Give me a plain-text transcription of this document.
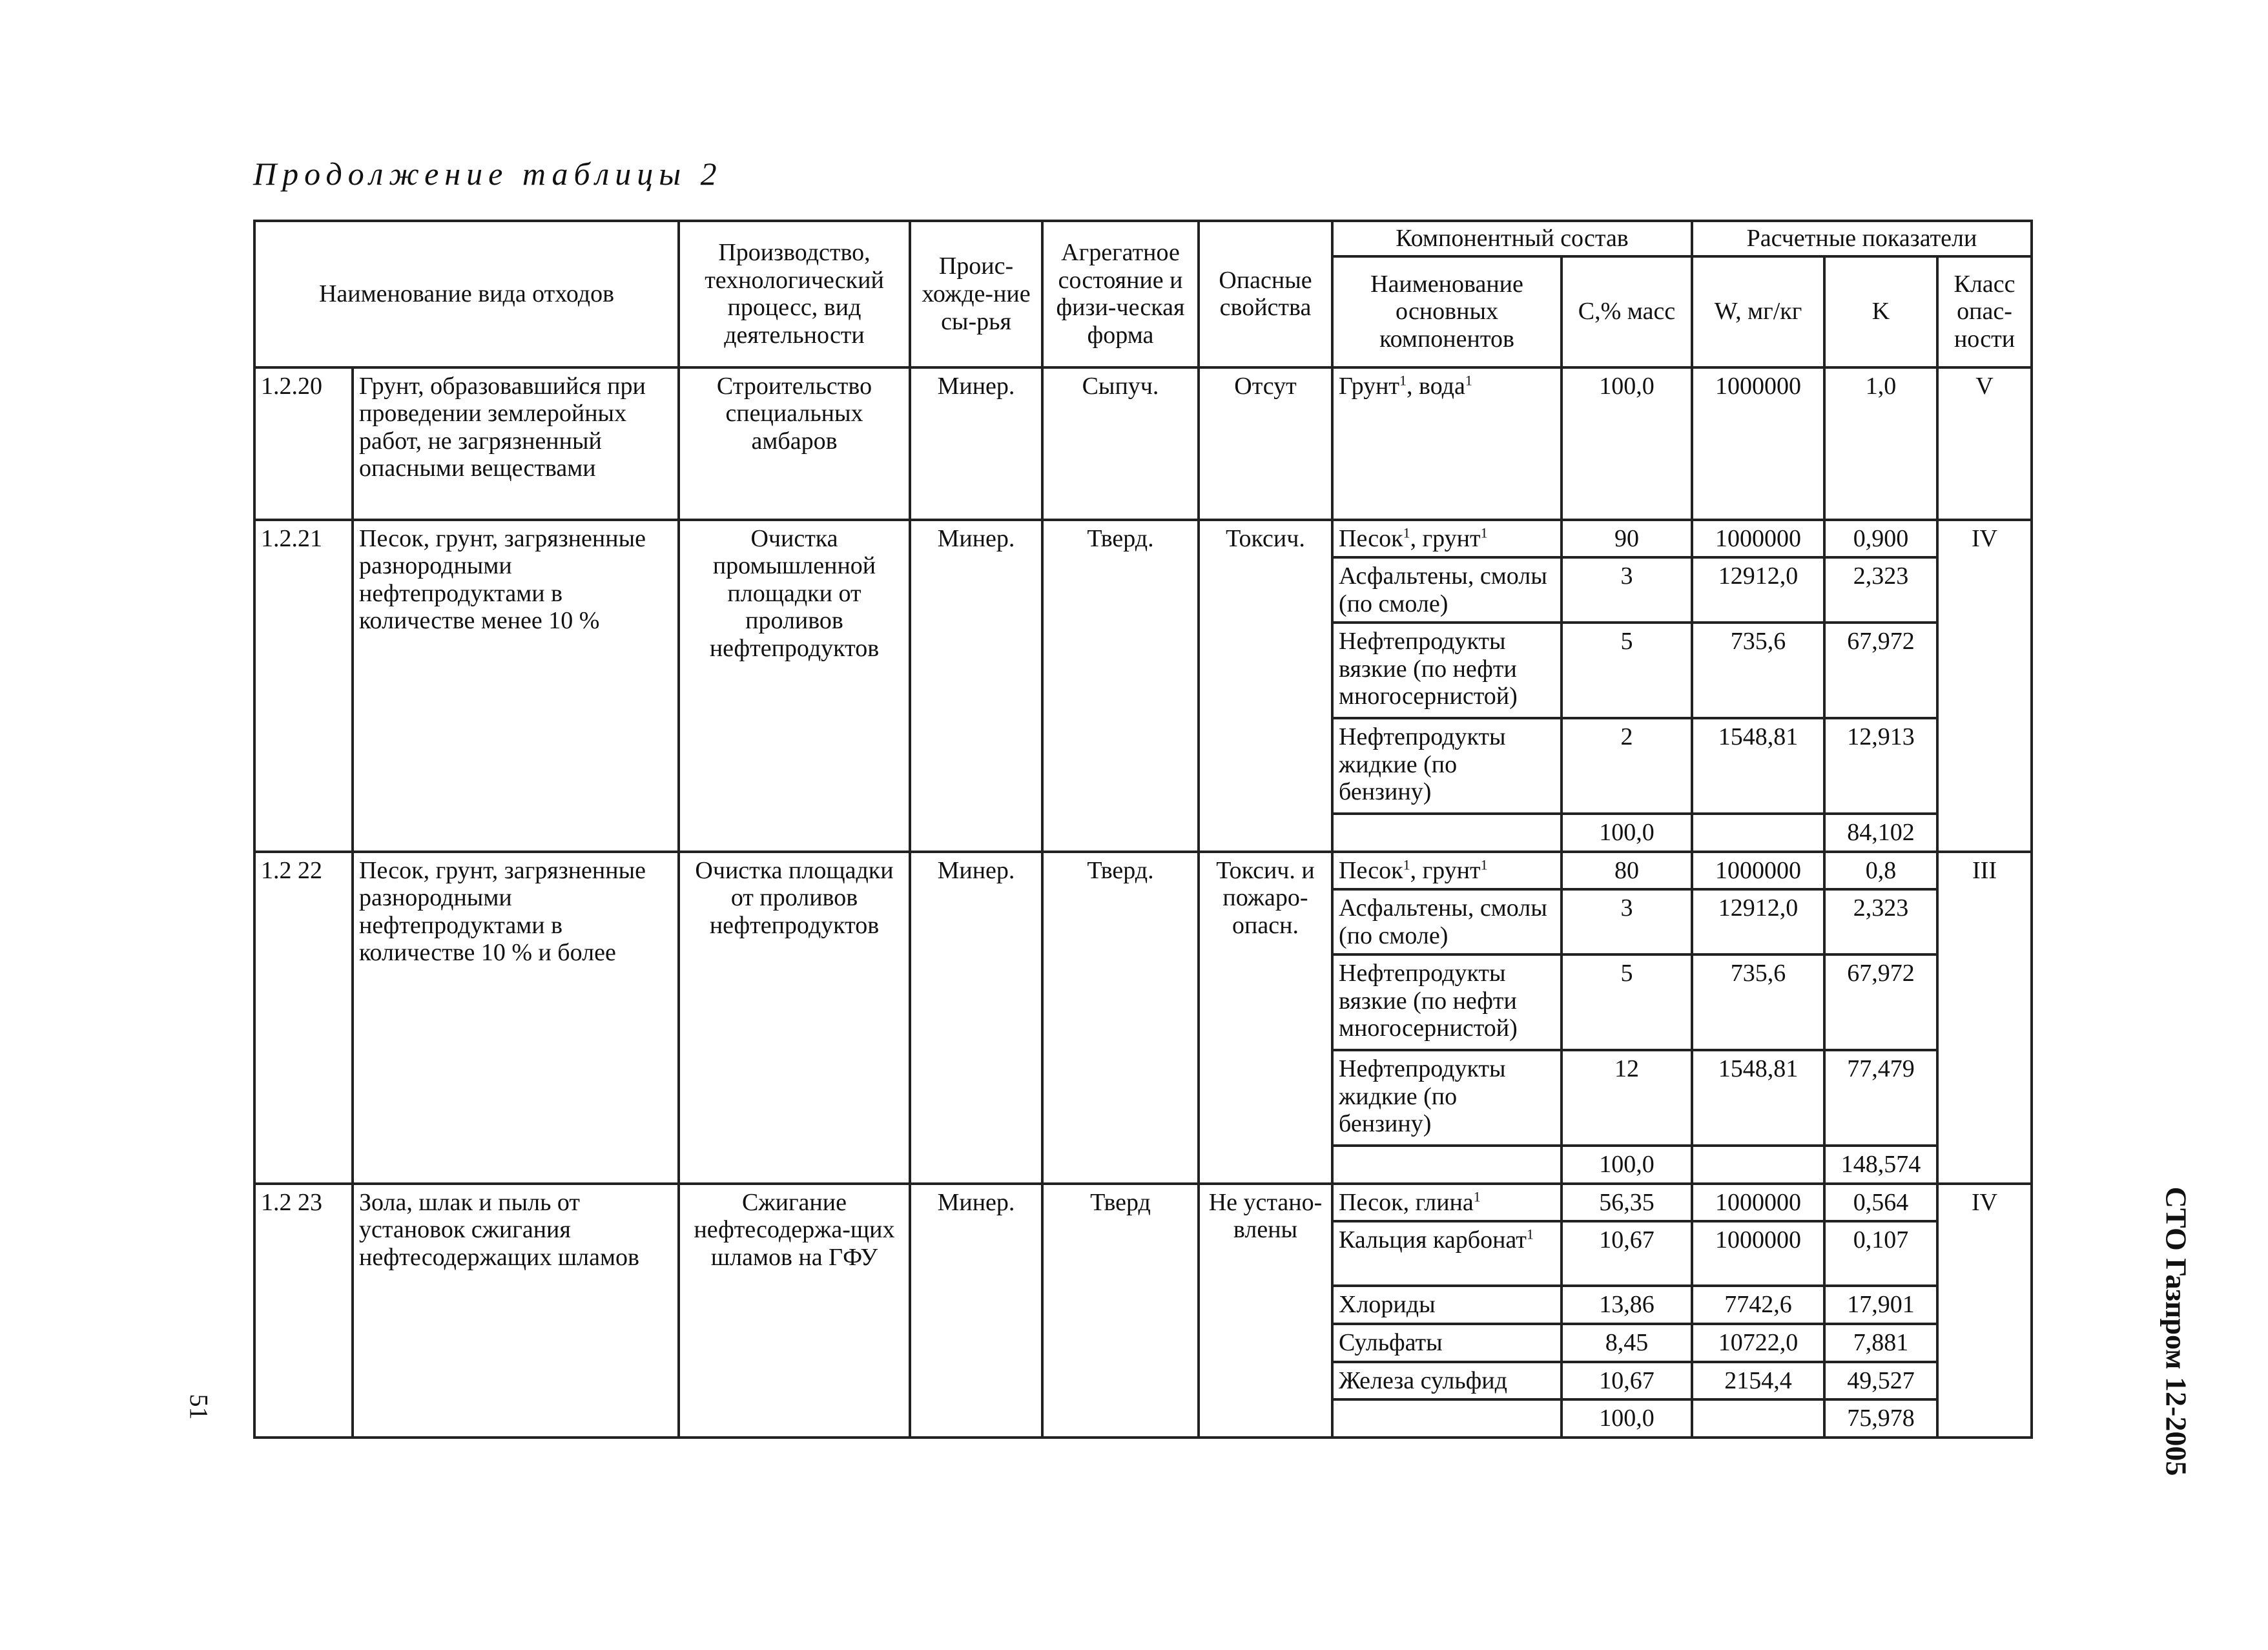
Продолжение таблицы 2
Наименование вида отходов		Производство, технологический процесс, вид деятельности	Проис-хожде-ние сы-рья	Агрегатное состояние и физи-ческая форма	Опасные свойства	Компонентный состав		Расчетные показатели		
						Наименование основных компонентов	С,% масс	W, мг/кг	K	Класс опас-ности
1.2.20	Грунт, образовавшийся при проведении землеройных работ, не загрязненный опасными веществами	Строительство специальных амбаров	Минер.	Сыпуч.	Отсут	Грунт$^1$, вода$^1$	100,0	1000000	1,0	V
1.2.21	Песок, грунт, загрязненные разнородными нефтепродуктами в количестве менее 10 %	Очистка промышленной площадки от проливов нефтепродуктов	Минер.	Тверд.	Токсич.	Песок$^1$, грунт$^1$	90	1000000	0,900	IV
						Асфальтены, смолы (по смоле)	3	12912,0	2,323	
						Нефтепродукты вязкие (по нефти многосернистой)	5	735,6	67,972	
						Нефтепродукты жидкие (по бензину)	2	1548,81	12,913	
							100,0		84,102	
1.2 22	Песок, грунт, загрязненные разнородными нефтепродуктами в количестве 10 % и более	Очистка площадки от проливов нефтепродуктов	Минер.	Тверд.	Токсич. и пожаро-опасн.	Песок$^1$, грунт$^1$	80	1000000	0,8	III
						Асфальтены, смолы (по смоле)	3	12912,0	2,323	
						Нефтепродукты вязкие (по нефти многосернистой)	5	735,6	67,972	
						Нефтепродукты жидкие (по бензину)	12	1548,81	77,479	
							100,0		148,574	
1.2 23	Зола, шлак и пыль от установок сжигания нефтесодержащих шламов	Сжигание нефтесодержа-щих шламов на ГФУ	Минер.	Тверд	Не устано-влены	Песок, глина$^1$	56,35	1000000	0,564	IV
						Кальция карбонат$^1$	10,67	1000000	0,107	
						Хлориды	13,86	7742,6	17,901	
						Сульфаты	8,45	10722,0	7,881	
						Железа сульфид	10,67	2154,4	49,527	
							100,0		75,978	
51	СТО Газпром 12-2005
